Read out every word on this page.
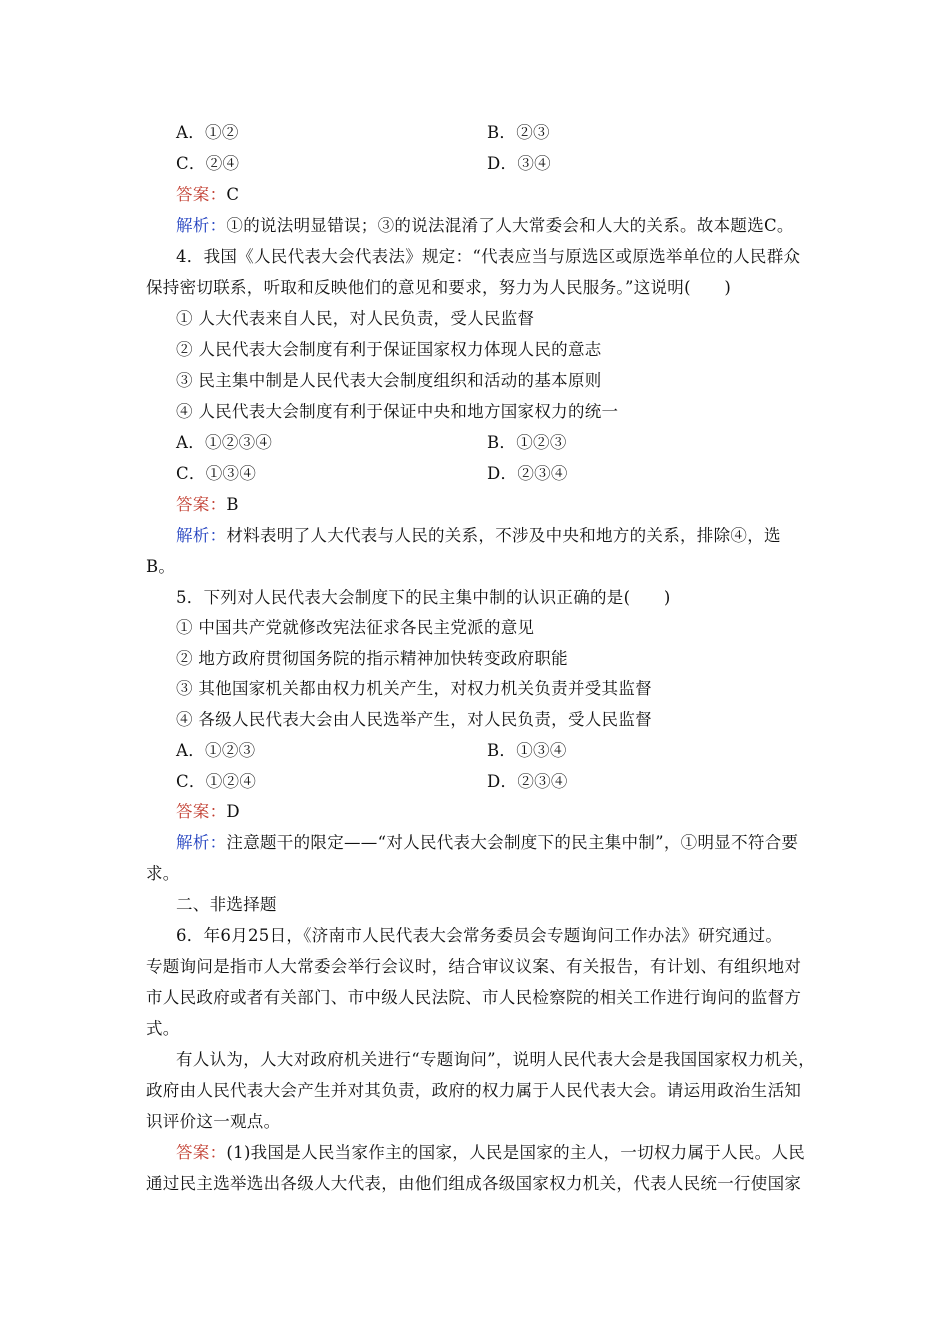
A．①②	B．②③
C．②④	D．③④
答案：C
解析：①的说法明显错误；③的说法混淆了人大常委会和人大的关系。故本题选C。
4．我国《人民代表大会代表法》规定：“代表应当与原选区或原选举单位的人民群众
保持密切联系，听取和反映他们的意见和要求，努力为人民服务。”这说明(　　)
① 人大代表来自人民，对人民负责，受人民监督
② 人民代表大会制度有利于保证国家权力体现人民的意志
③ 民主集中制是人民代表大会制度组织和活动的基本原则
④ 人民代表大会制度有利于保证中央和地方国家权力的统一
A．①②③④	B．①②③
C．①③④	D．②③④
答案：B
解析：材料表明了人大代表与人民的关系，不涉及中央和地方的关系，排除④，选
B。
5．下列对人民代表大会制度下的民主集中制的认识正确的是(　　)
① 中国共产党就修改宪法征求各民主党派的意见
② 地方政府贯彻国务院的指示精神加快转变政府职能
③ 其他国家机关都由权力机关产生，对权力机关负责并受其监督
④ 各级人民代表大会由人民选举产生，对人民负责，受人民监督
A．①②③	B．①③④
C．①②④	D．②③④
答案：D
解析：注意题干的限定——“对人民代表大会制度下的民主集中制”，①明显不符合要
求。
二、非选择题
6．年6月25日，《济南市人民代表大会常务委员会专题询问工作办法》研究通过。
专题询问是指市人大常委会举行会议时，结合审议议案、有关报告，有计划、有组织地对
市人民政府或者有关部门、市中级人民法院、市人民检察院的相关工作进行询问的监督方
式。
有人认为，人大对政府机关进行“专题询问”，说明人民代表大会是我国国家权力机关，
政府由人民代表大会产生并对其负责，政府的权力属于人民代表大会。请运用政治生活知
识评价这一观点。
答案：(1)我国是人民当家作主的国家，人民是国家的主人，一切权力属于人民。人民
通过民主选举选出各级人大代表，由他们组成各级国家权力机关，代表人民统一行使国家
